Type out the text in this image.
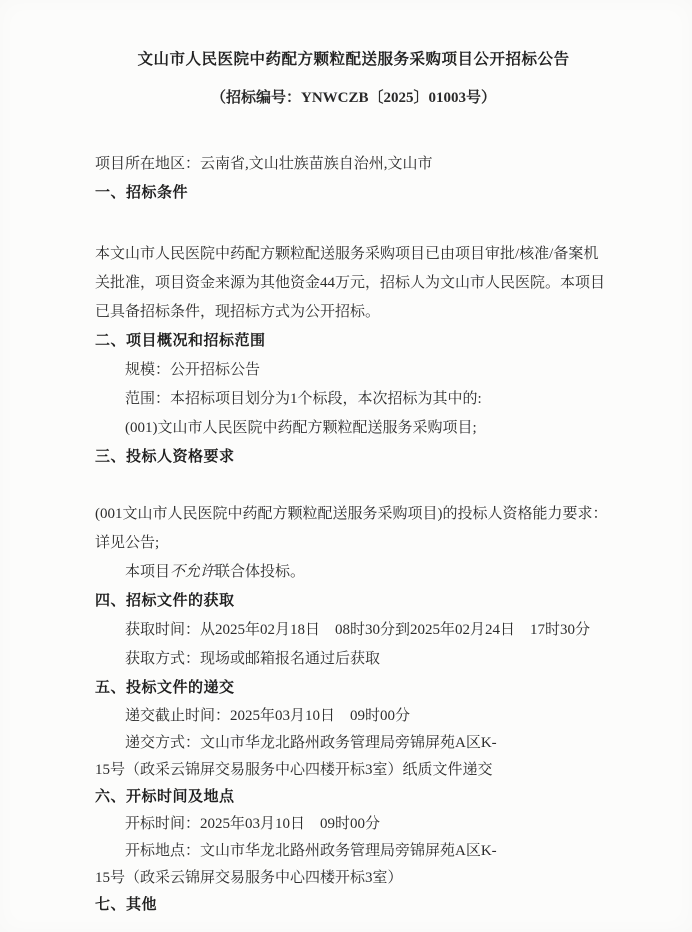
文山市人民医院中药配方颗粒配送服务采购项目公开招标公告
（招标编号：YNWCZB〔2025〕01003号）
项目所在地区：云南省,文山壮族苗族自治州,文山市
一、招标条件
本文山市人民医院中药配方颗粒配送服务采购项目已由项目审批/核准/备案机
关批准，项目资金来源为其他资金44万元，招标人为文山市人民医院。本项目
已具备招标条件，现招标方式为公开招标。
二、项目概况和招标范围
规模：公开招标公告
范围：本招标项目划分为1个标段，本次招标为其中的:
(001)文山市人民医院中药配方颗粒配送服务采购项目;
三、投标人资格要求
(001文山市人民医院中药配方颗粒配送服务采购项目)的投标人资格能力要求：
详见公告;
本项目不允许联合体投标。
四、招标文件的获取
获取时间：从2025年02月18日　08时30分到2025年02月24日　17时30分
获取方式：现场或邮箱报名通过后获取
五、投标文件的递交
递交截止时间：2025年03月10日　09时00分
递交方式：文山市华龙北路州政务管理局旁锦屏苑A区K-
15号（政采云锦屏交易服务中心四楼开标3室）纸质文件递交
六、开标时间及地点
开标时间：2025年03月10日　09时00分
开标地点：文山市华龙北路州政务管理局旁锦屏苑A区K-
15号（政采云锦屏交易服务中心四楼开标3室）
七、其他
